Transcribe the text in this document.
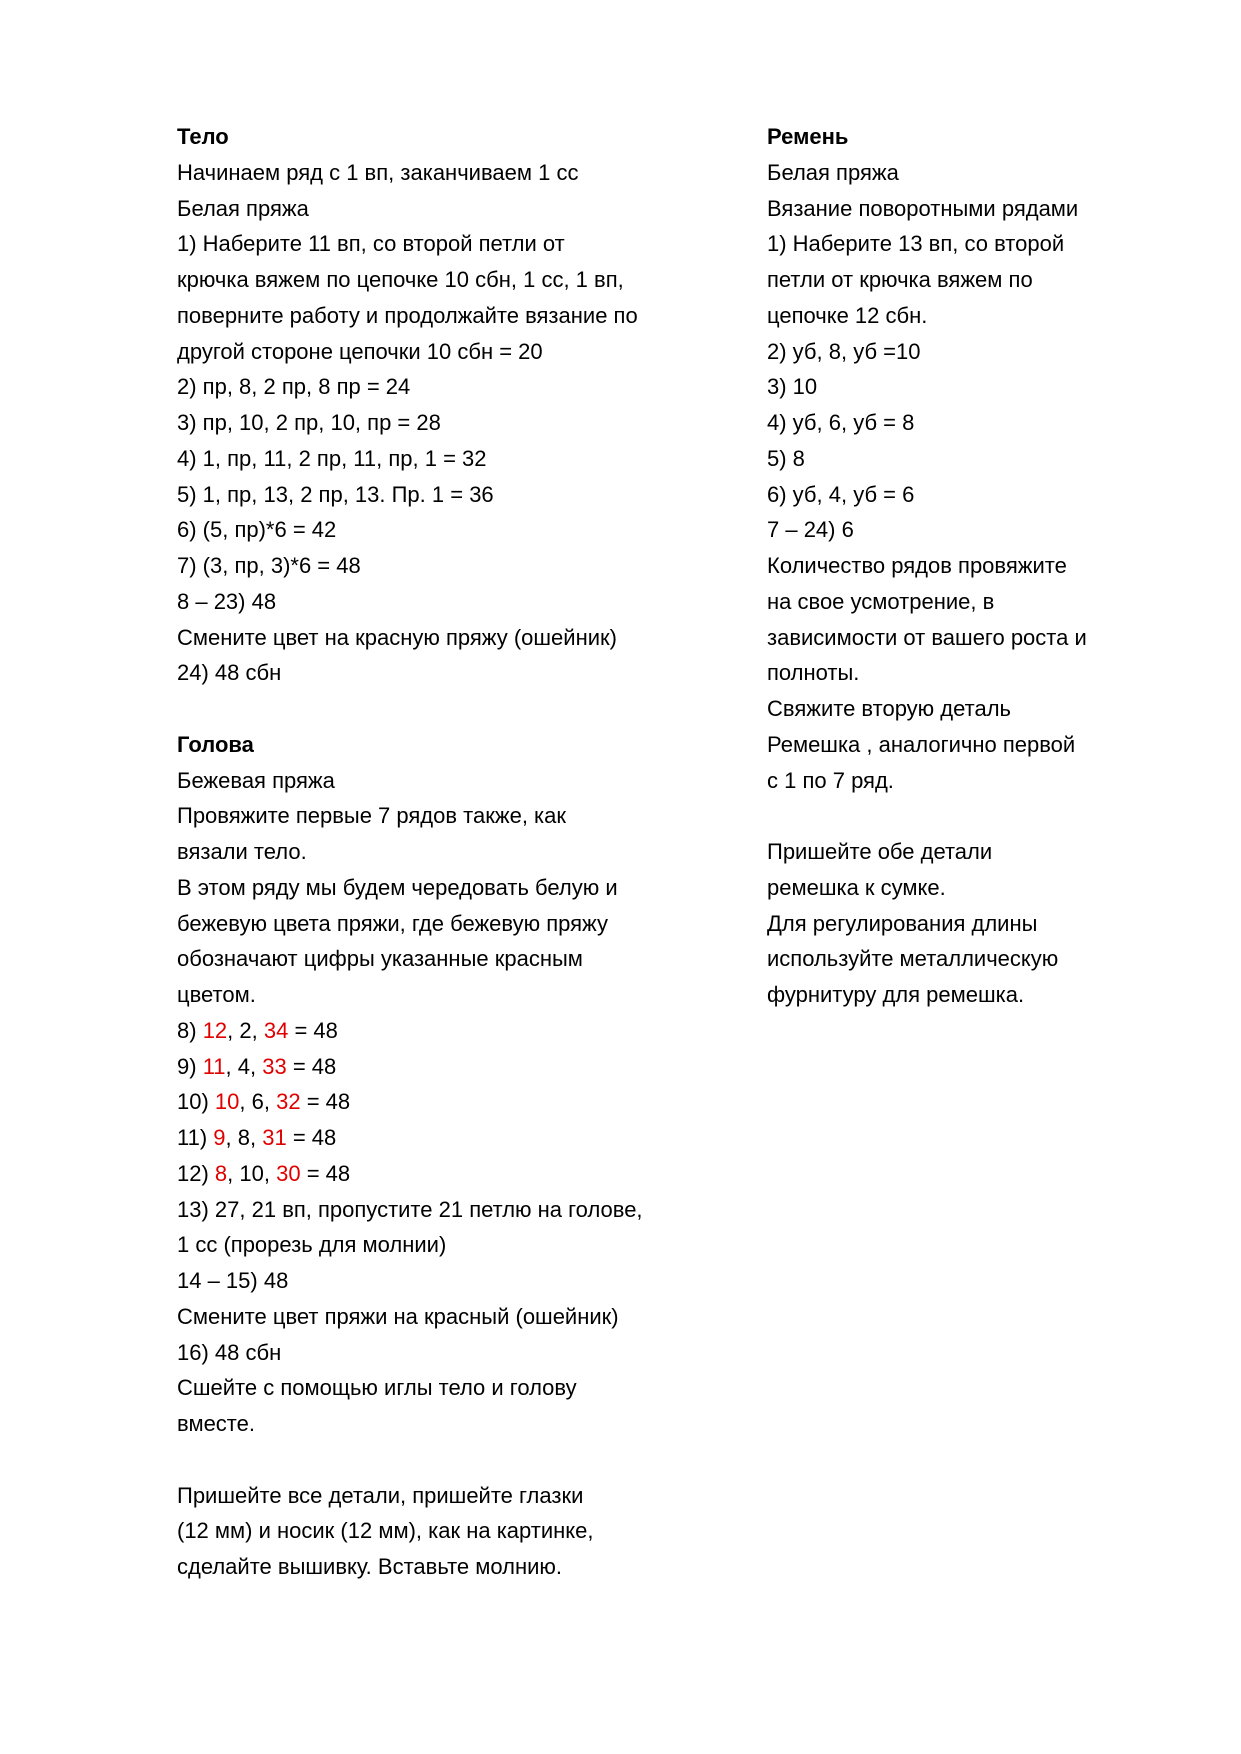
Тело
Начинаем ряд с 1 вп, заканчиваем 1 сс
Белая пряжа
1) Наберите 11 вп, со второй петли от
крючка вяжем по цепочке 10 сбн, 1 сс, 1 вп,
поверните работу и продолжайте вязание по
другой стороне цепочки 10 сбн = 20
2) пр, 8, 2 пр, 8 пр = 24
3) пр, 10, 2 пр, 10, пр = 28
4) 1, пр, 11, 2 пр, 11, пр, 1 = 32
5) 1, пр, 13, 2 пр, 13. Пр. 1 = 36
6) (5, пр)*6 = 42
7) (3, пр, 3)*6 = 48
8 – 23) 48
Смените цвет на красную пряжу (ошейник)
24) 48 сбн
Голова
Бежевая пряжа
Провяжите первые 7 рядов также, как
вязали тело.
В этом ряду мы будем чередовать белую и
бежевую цвета пряжи, где бежевую пряжу
обозначают цифры указанные красным
цветом.
8) 12, 2, 34 = 48
9) 11, 4, 33 = 48
10) 10, 6, 32 = 48
11) 9, 8, 31 = 48
12) 8, 10, 30 = 48
13) 27, 21 вп, пропустите 21 петлю на голове,
1 сс (прорезь для молнии)
14 – 15) 48
Смените цвет пряжи на красный (ошейник)
16) 48 сбн
Сшейте с помощью иглы тело и голову
вместе.
Пришейте все детали, пришейте глазки
(12 мм) и носик (12 мм), как на картинке,
сделайте вышивку. Вставьте молнию.
Ремень
Белая пряжа
Вязание поворотными рядами
1) Наберите 13 вп, со второй
петли от крючка вяжем по
цепочке 12 сбн.
2) уб, 8, уб =10
3) 10
4) уб, 6, уб = 8
5) 8
6) уб, 4, уб = 6
7 – 24) 6
Количество рядов провяжите
на свое усмотрение, в
зависимости от вашего роста и
полноты.
Свяжите вторую деталь
Ремешка , аналогично первой
с 1 по 7 ряд.
Пришейте обе детали
ремешка к сумке.
Для регулирования длины
используйте металлическую
фурнитуру для ремешка.
